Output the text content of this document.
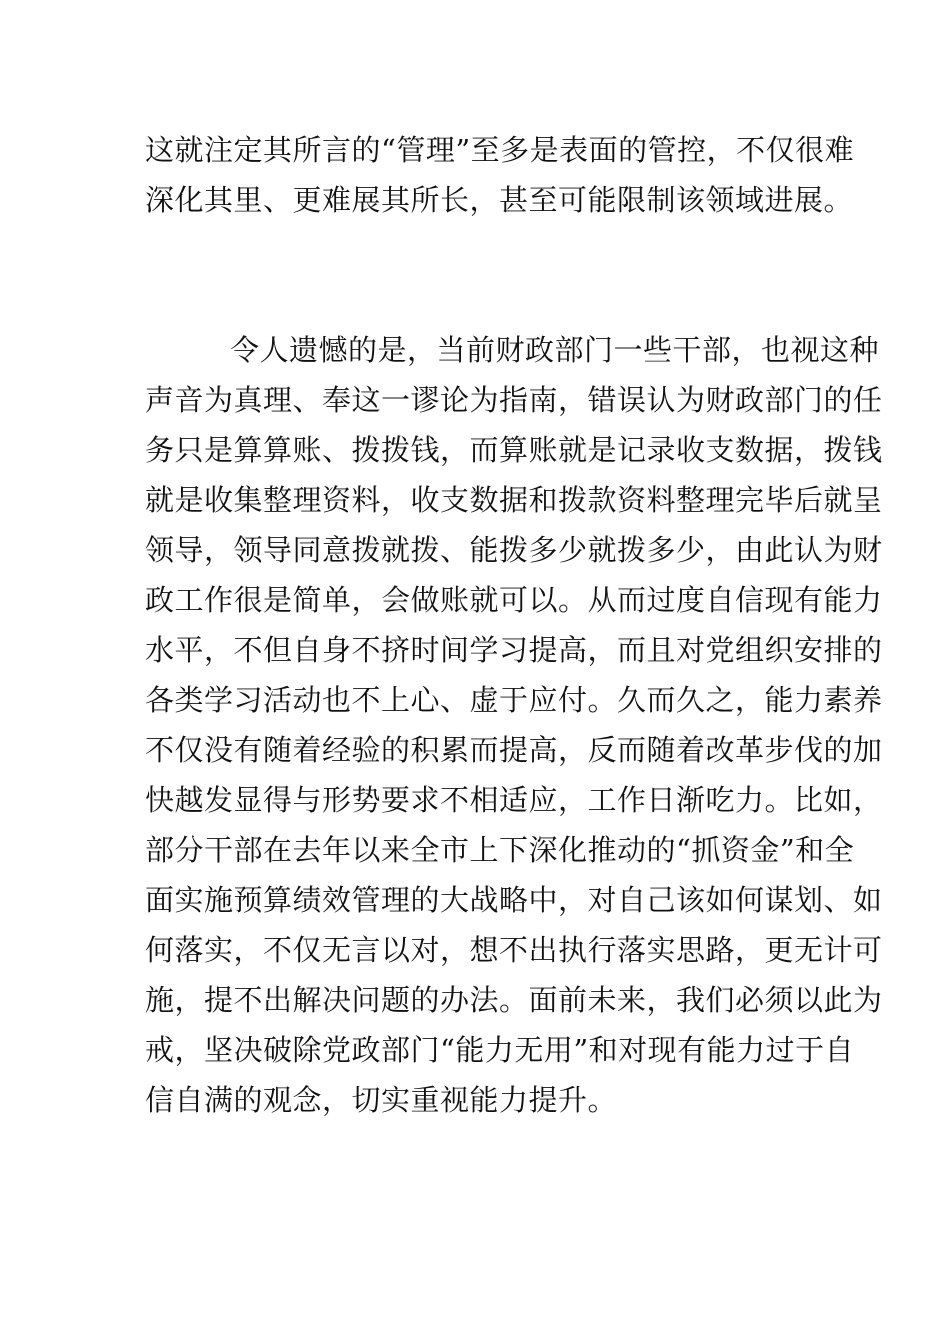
这就注定其所言的“管理”至多是表面的管控，不仅很难
深化其里、更难展其所长，甚至可能限制该领域进展。
令人遗憾的是，当前财政部门一些干部，也视这种
声音为真理、奉这一谬论为指南，错误认为财政部门的任
务只是算算账、拨拨钱，而算账就是记录收支数据，拨钱
就是收集整理资料，收支数据和拨款资料整理完毕后就呈
领导，领导同意拨就拨、能拨多少就拨多少，由此认为财
政工作很是简单，会做账就可以。从而过度自信现有能力
水平，不但自身不挤时间学习提高，而且对党组织安排的
各类学习活动也不上心、虚于应付。久而久之，能力素养
不仅没有随着经验的积累而提高，反而随着改革步伐的加
快越发显得与形势要求不相适应，工作日渐吃力。比如，
部分干部在去年以来全市上下深化推动的“抓资金”和全
面实施预算绩效管理的大战略中，对自己该如何谋划、如
何落实，不仅无言以对，想不出执行落实思路，更无计可
施，提不出解决问题的办法。面前未来，我们必须以此为
戒，坚决破除党政部门“能力无用”和对现有能力过于自
信自满的观念，切实重视能力提升。
